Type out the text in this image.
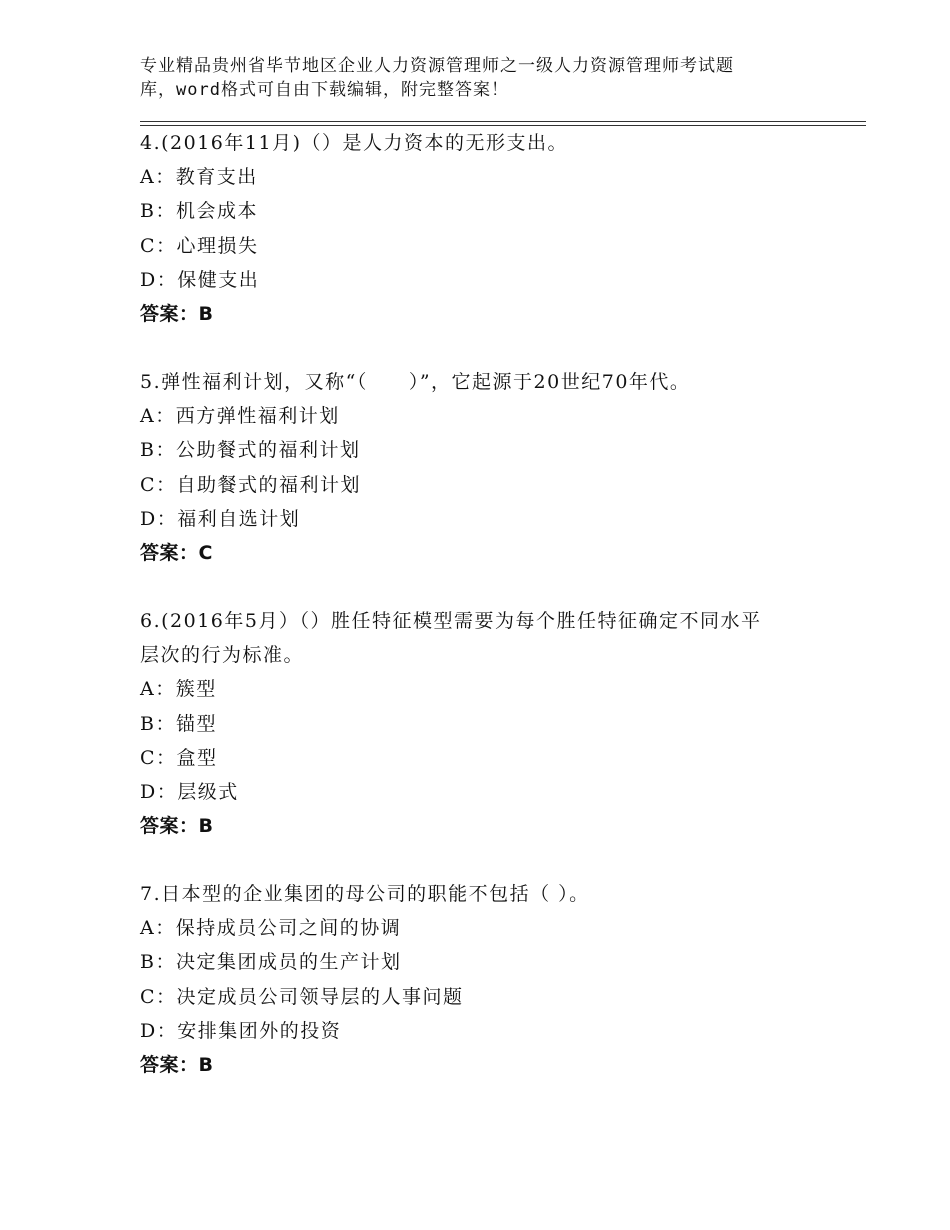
专业精品贵州省毕节地区企业人力资源管理师之一级人力资源管理师考试题
库，word格式可自由下载编辑，附完整答案！
4.(2016年11月)（）是人力资本的无形支出。
A：教育支出
B：机会成本
C：心理损失
D：保健支出
答案：B
5.弹性福利计划，又称“（　　）”，它起源于20世纪70年代。
A：西方弹性福利计划
B：公助餐式的福利计划
C：自助餐式的福利计划
D：福利自选计划
答案：C
6.(2016年5月）（）胜任特征模型需要为每个胜任特征确定不同水平
层次的行为标准。
A：簇型
B：锚型
C：盒型
D：层级式
答案：B
7.日本型的企业集团的母公司的职能不包括（ ）。
A：保持成员公司之间的协调
B：决定集团成员的生产计划
C：决定成员公司领导层的人事问题
D：安排集团外的投资
答案：B
